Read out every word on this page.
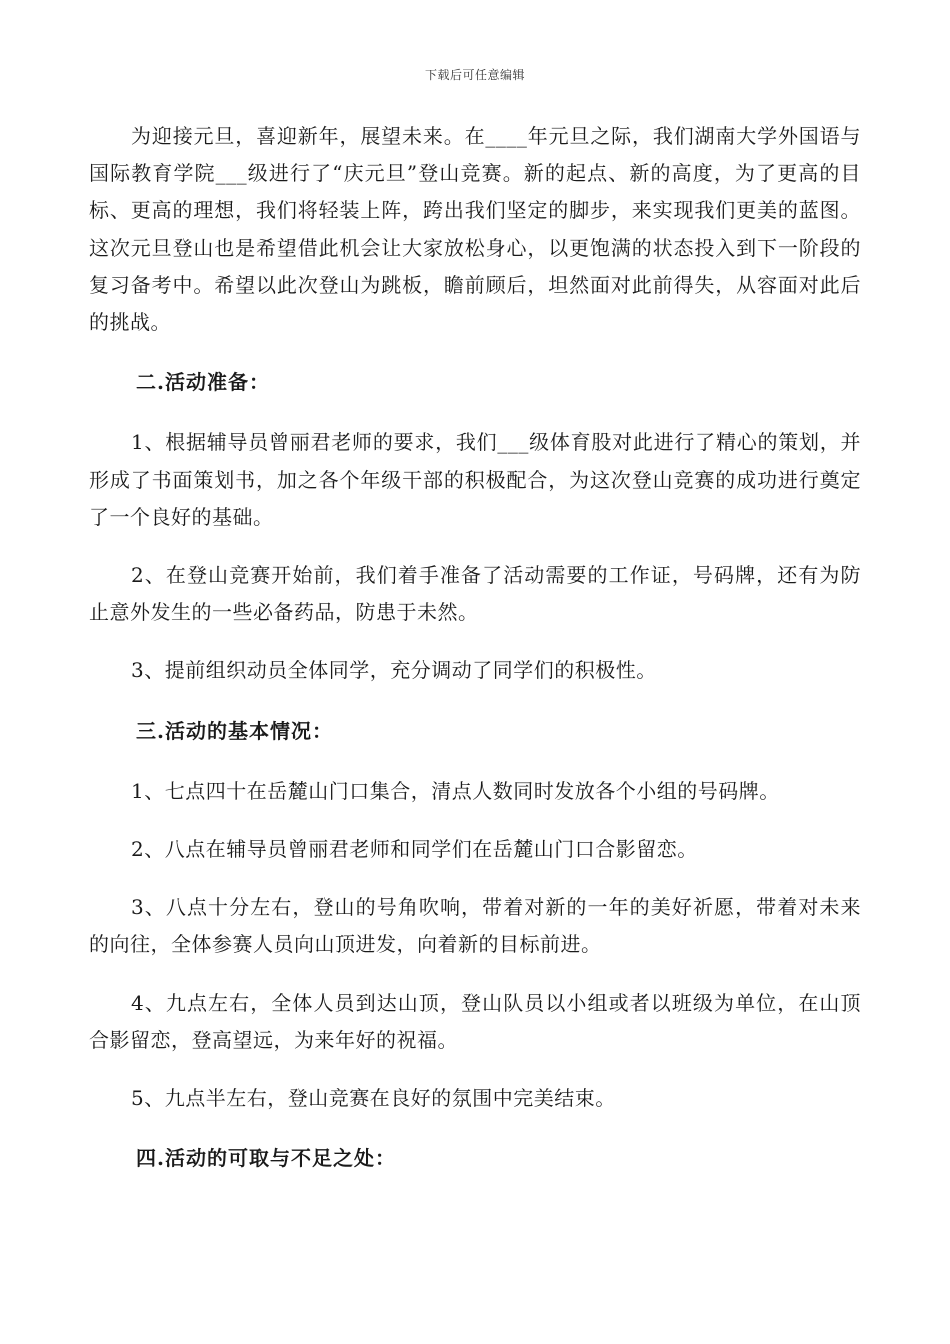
下载后可任意编辑

为迎接元旦，喜迎新年，展望未来。在____年元旦之际，我们湖南大学外国语与国际教育学院___级进行了“庆元旦”登山竞赛。新的起点、新的高度，为了更高的目标、更高的理想，我们将轻装上阵，跨出我们坚定的脚步，来实现我们更美的蓝图。这次元旦登山也是希望借此机会让大家放松身心，以更饱满的状态投入到下一阶段的复习备考中。希望以此次登山为跳板，瞻前顾后，坦然面对此前得失，从容面对此后的挑战。

二.活动准备：

1、根据辅导员曾丽君老师的要求，我们___级体育股对此进行了精心的策划，并形成了书面策划书，加之各个年级干部的积极配合，为这次登山竞赛的成功进行奠定了一个良好的基础。

2、在登山竞赛开始前，我们着手准备了活动需要的工作证，号码牌，还有为防止意外发生的一些必备药品，防患于未然。

3、提前组织动员全体同学，充分调动了同学们的积极性。

三.活动的基本情况：

1、七点四十在岳麓山门口集合，清点人数同时发放各个小组的号码牌。

2、八点在辅导员曾丽君老师和同学们在岳麓山门口合影留恋。

3、八点十分左右，登山的号角吹响，带着对新的一年的美好祈愿，带着对未来的向往，全体参赛人员向山顶进发，向着新的目标前进。

4、九点左右，全体人员到达山顶，登山队员以小组或者以班级为单位，在山顶合影留恋，登高望远，为来年好的祝福。

5、九点半左右，登山竞赛在良好的氛围中完美结束。

四.活动的可取与不足之处：
